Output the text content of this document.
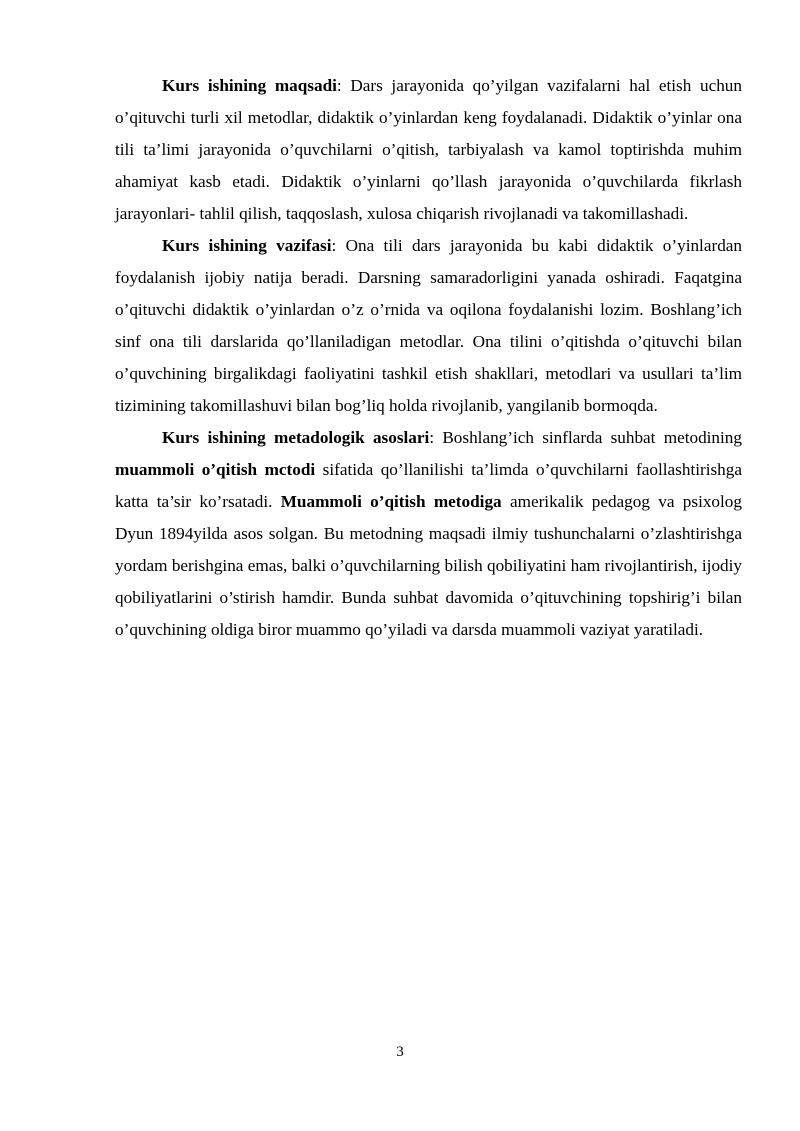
Kurs ishining maqsadi: Dars jarayonida qo’yilgan vazifalarni hal etish uchun o’qituvchi turli xil metodlar, didaktik o’yinlardan keng foydalanadi. Didaktik o’yinlar ona tili ta’limi jarayonida o’quvchilarni o’qitish, tarbiyalash va kamol toptirishda muhim ahamiyat kasb etadi. Didaktik o’yinlarni qo’llash jarayonida o’quvchilarda fikrlash jarayonlari- tahlil qilish, taqqoslash, xulosa chiqarish rivojlanadi va takomillashadi.

Kurs ishining vazifasi: Ona tili dars jarayonida bu kabi didaktik o’yinlardan foydalanish ijobiy natija beradi. Darsning samaradorligini yanada oshiradi. Faqatgina o’qituvchi didaktik o’yinlardan o’z o’rnida va oqilona foydalanishi lozim. Boshlang’ich sinf ona tili darslarida qo’llaniladigan metodlar. Ona tilini o’qitishda o’qituvchi bilan o’quvchining birgalikdagi faoliyatini tashkil etish shakllari, metodlari va usullari ta’lim tizimining takomillashuvi bilan bog’liq holda rivojlanib, yangilanib bormoqda.

Kurs ishining metadologik asoslari: Boshlang’ich sinflarda suhbat metodining muammoli o’qitish mctodi sifatida qo’llanilishi ta’limda o’quvchilarni faollashtirishga katta ta’sir ko’rsatadi. Muammoli o’qitish metodiga amerikalik pedagog va psixolog Dyun 1894yilda asos solgan. Bu metodning maqsadi ilmiy tushunchalarni o’zlashtirishga yordam berishgina emas, balki o’quvchilarning bilish qobiliyatini ham rivojlantirish, ijodiy qobiliyatlarini o’stirish hamdir. Bunda suhbat davomida o’qituvchining topshirig’i bilan o’quvchining oldiga biror muammo qo’yiladi va darsda muammoli vaziyat yaratiladi.

3
